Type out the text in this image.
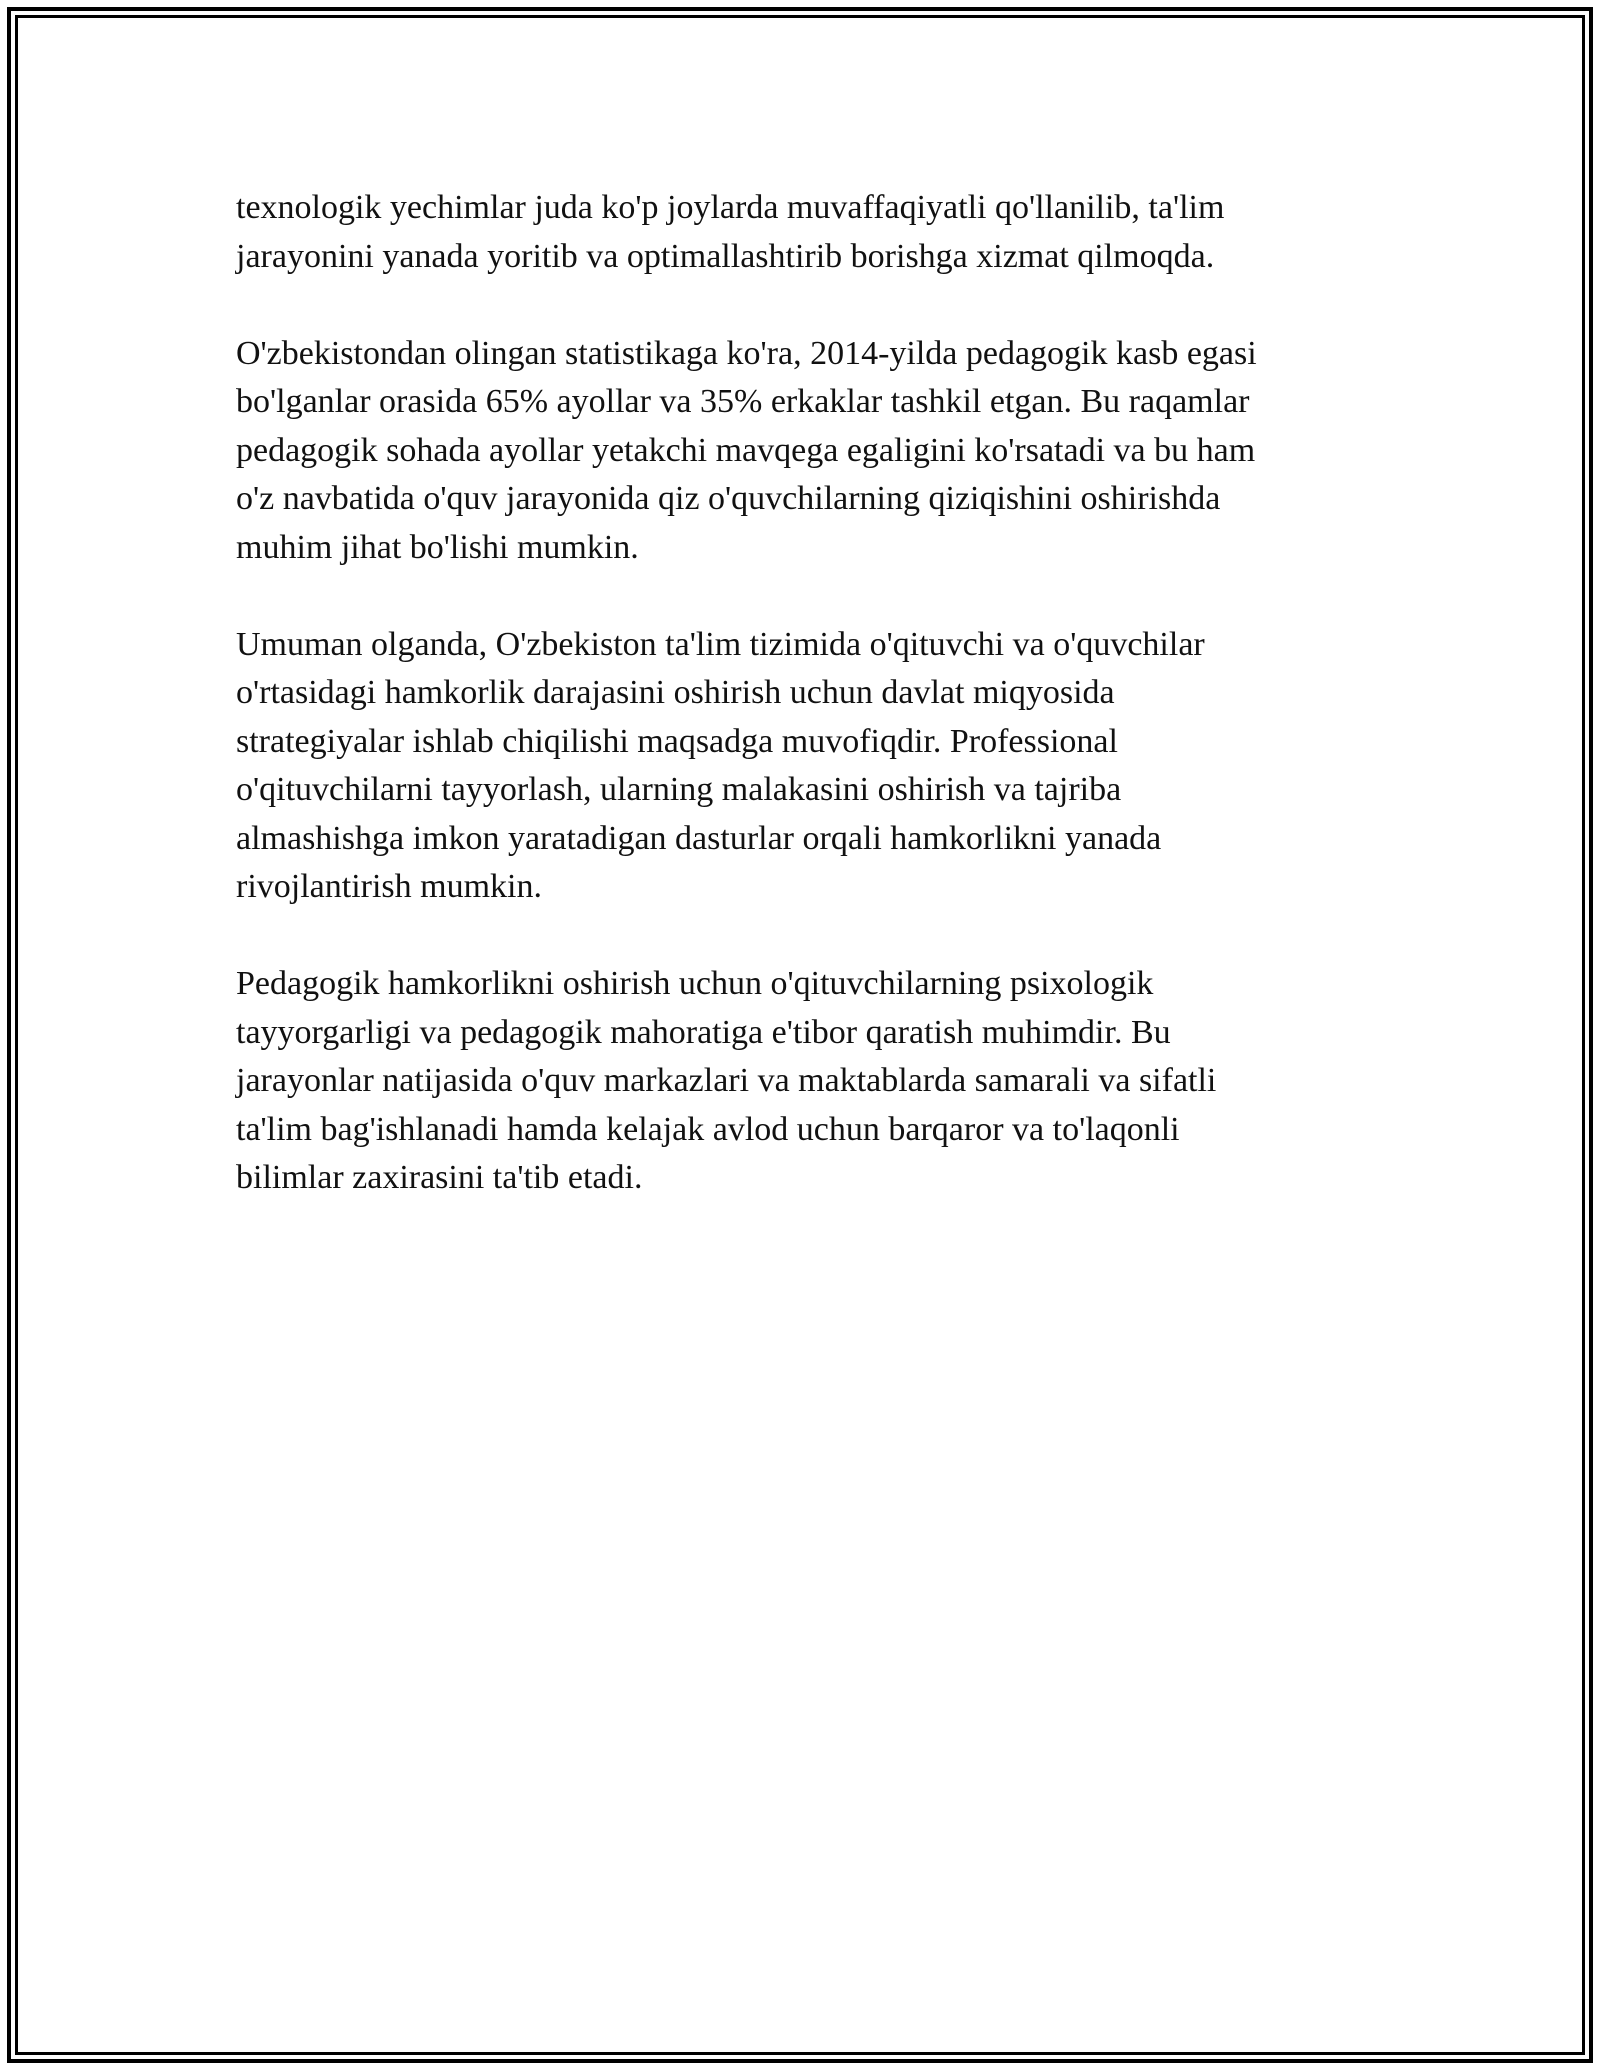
texnologik yechimlar juda ko'p joylarda muvaffaqiyatli qo'llanilib, ta'lim
jarayonini yanada yoritib va optimallashtirib borishga xizmat qilmoqda.

O'zbekistondan olingan statistikaga ko'ra, 2014-yilda pedagogik kasb egasi
bo'lganlar orasida 65% ayollar va 35% erkaklar tashkil etgan. Bu raqamlar
pedagogik sohada ayollar yetakchi mavqega egaligini ko'rsatadi va bu ham
o'z navbatida o'quv jarayonida qiz o'quvchilarning qiziqishini oshirishda
muhim jihat bo'lishi mumkin.

Umuman olganda, O'zbekiston ta'lim tizimida o'qituvchi va o'quvchilar
o'rtasidagi hamkorlik darajasini oshirish uchun davlat miqyosida
strategiyalar ishlab chiqilishi maqsadga muvofiqdir. Professional
o'qituvchilarni tayyorlash, ularning malakasini oshirish va tajriba
almashishga imkon yaratadigan dasturlar orqali hamkorlikni yanada
rivojlantirish mumkin.

Pedagogik hamkorlikni oshirish uchun o'qituvchilarning psixologik
tayyorgarligi va pedagogik mahoratiga e'tibor qaratish muhimdir. Bu
jarayonlar natijasida o'quv markazlari va maktablarda samarali va sifatli
ta'lim bag'ishlanadi hamda kelajak avlod uchun barqaror va to'laqonli
bilimlar zaxirasini ta'tib etadi.
